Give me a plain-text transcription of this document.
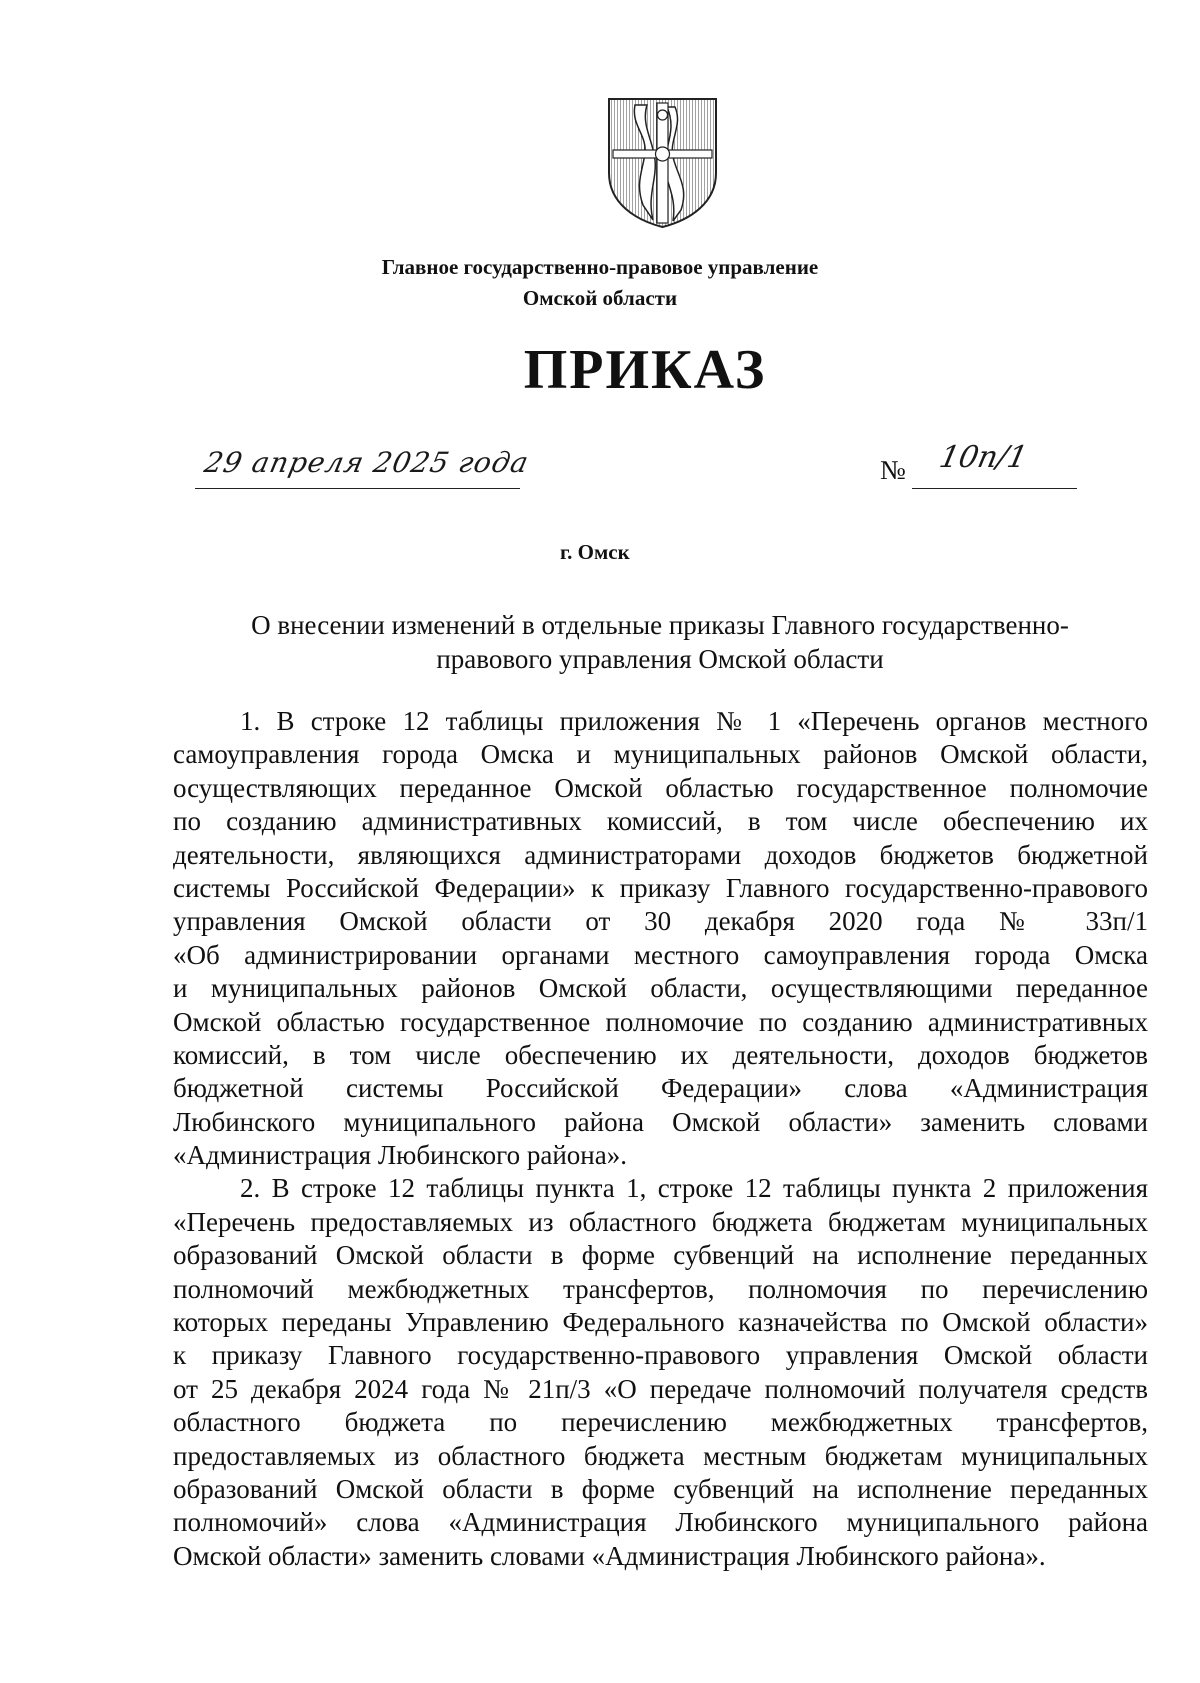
Главное государственно-правовое управление
Омской области
ПРИКАЗ
29 апреля 2025 года	№ 10п/1
г. Омск
О внесении изменений в отдельные приказы Главного государственно-
правового управления Омской области
1. В строке 12 таблицы приложения № 1 «Перечень органов местного
самоуправления города Омска и муниципальных районов Омской области,
осуществляющих переданное Омской областью государственное полномочие
по созданию административных комиссий, в том числе обеспечению их
деятельности, являющихся администраторами доходов бюджетов бюджетной
системы Российской Федерации» к приказу Главного государственно-правового
управления Омской области от 30 декабря 2020 года № 33п/1
«Об администрировании органами местного самоуправления города Омска
и муниципальных районов Омской области, осуществляющими переданное
Омской областью государственное полномочие по созданию административных
комиссий, в том числе обеспечению их деятельности, доходов бюджетов
бюджетной системы Российской Федерации» слова «Администрация
Любинского муниципального района Омской области» заменить словами
«Администрация Любинского района».
2. В строке 12 таблицы пункта 1, строке 12 таблицы пункта 2 приложения
«Перечень предоставляемых из областного бюджета бюджетам муниципальных
образований Омской области в форме субвенций на исполнение переданных
полномочий межбюджетных трансфертов, полномочия по перечислению
которых переданы Управлению Федерального казначейства по Омской области»
к приказу Главного государственно-правового управления Омской области
от 25 декабря 2024 года № 21п/3 «О передаче полномочий получателя средств
областного бюджета по перечислению межбюджетных трансфертов,
предоставляемых из областного бюджета местным бюджетам муниципальных
образований Омской области в форме субвенций на исполнение переданных
полномочий» слова «Администрация Любинского муниципального района
Омской области» заменить словами «Администрация Любинского района».
